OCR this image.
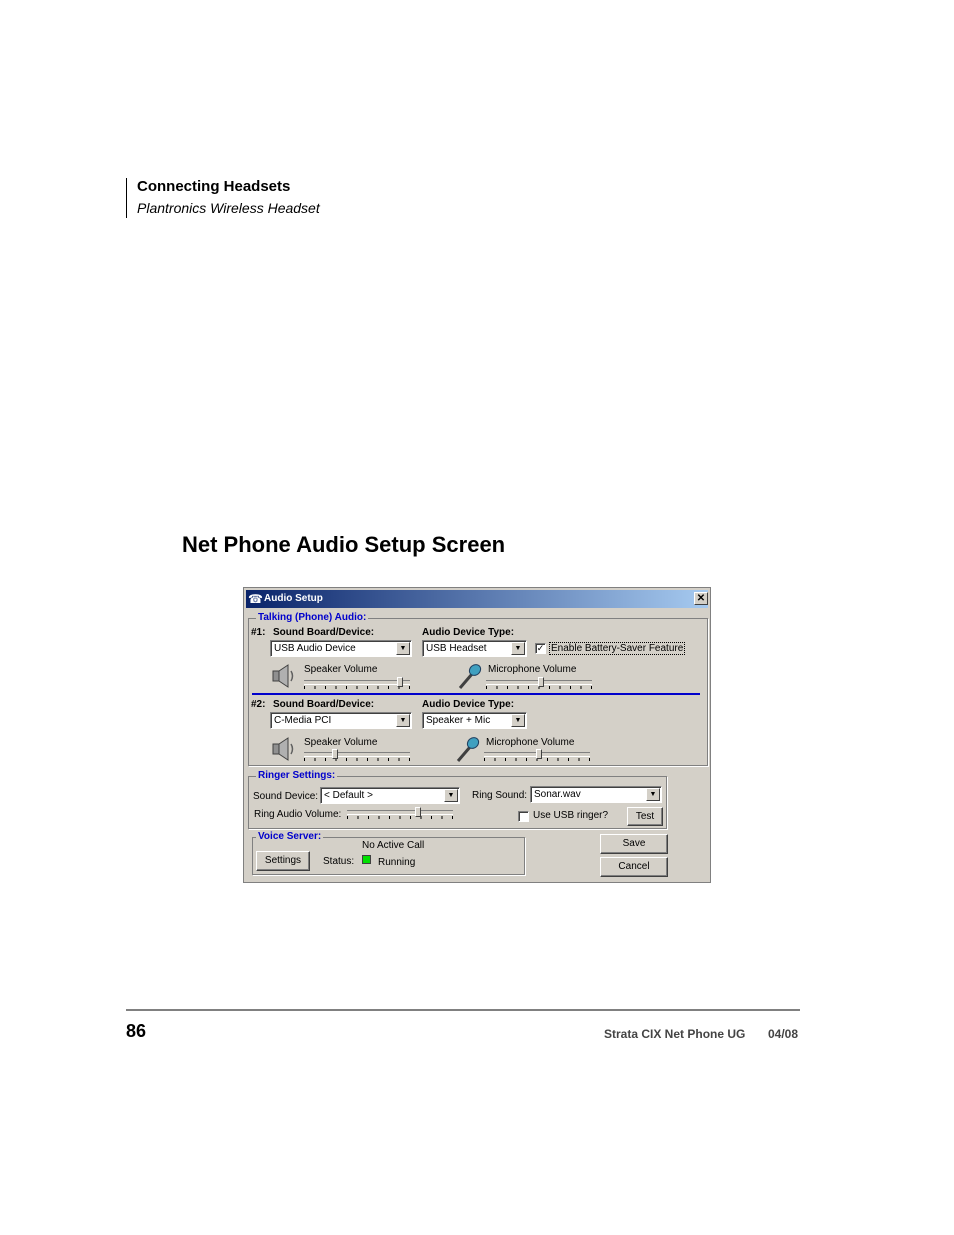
Connecting Headsets
Plantronics Wireless Headset
Net Phone Audio Setup Screen
☎ Audio Setup	✕
Talking (Phone) Audio:
#1: Sound Board/Device:	Audio Device Type:
USB Audio Device	▼	USB Headset	▼	✓ Enable Battery-Saver Feature
Speaker Volume	Microphone Volume
#2: Sound Board/Device:	Audio Device Type:
C-Media PCI	▼	Speaker + Mic	▼
Speaker Volume	Microphone Volume
Ringer Settings:
Sound Device: < Default >	▼	Ring Sound: Sonar.wav	▼
Ring Audio Volume:	Use USB ringer?	Test
Voice Server:
Settings
No Active Call
Status: Running
Save
Cancel
86	Strata CIX Net Phone UG 04/08
